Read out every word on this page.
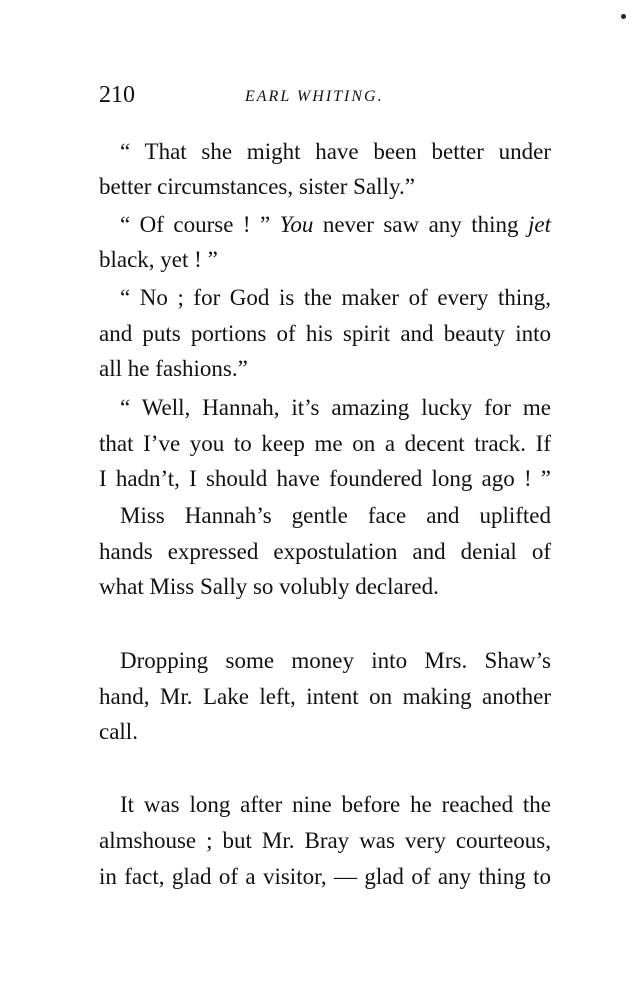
210	EARL WHITING.
“ That she might have been better under
better circumstances, sister Sally.”
“ Of course ! ” You never saw any thing jet
black, yet ! ”
“ No ; for God is the maker of every thing,
and puts portions of his spirit and beauty into
all he fashions.”
“ Well, Hannah, it’s amazing lucky for me
that I’ve you to keep me on a decent track. If
I hadn’t, I should have foundered long ago ! ”
Miss Hannah’s gentle face and uplifted
hands expressed expostulation and denial of
what Miss Sally so volubly declared.
Dropping some money into Mrs. Shaw’s
hand, Mr. Lake left, intent on making another
call.
It was long after nine before he reached the
almshouse ; but Mr. Bray was very courteous,
in fact, glad of a visitor, — glad of any thing to
